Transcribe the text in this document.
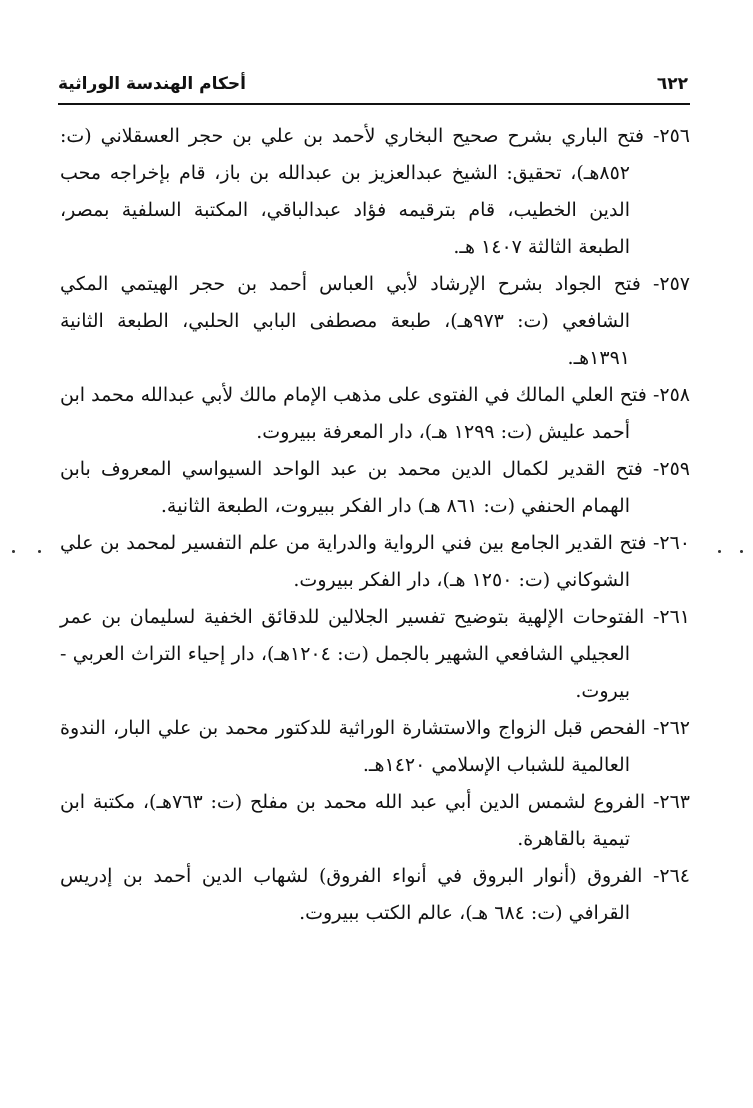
٦٢٢
أحكام الهندسة الوراثية

٢٥٦- فتح الباري بشرح صحيح البخاري لأحمد بن علي بن حجر العسقلاني (ت: ٨٥٢هـ)، تحقيق: الشيخ عبدالعزيز بن عبدالله بن باز، قام بإخراجه محب الدين الخطيب، قام بترقيمه فؤاد عبدالباقي، المكتبة السلفية بمصر، الطبعة الثالثة ١٤٠٧ هـ.

٢٥٧- فتح الجواد بشرح الإرشاد لأبي العباس أحمد بن حجر الهيتمي المكي الشافعي (ت: ٩٧٣هـ)، طبعة مصطفى البابي الحلبي، الطبعة الثانية ١٣٩١هـ.

٢٥٨- فتح العلي المالك في الفتوى على مذهب الإمام مالك لأبي عبدالله محمد ابن أحمد عليش (ت: ١٢٩٩ هـ)، دار المعرفة ببيروت.

٢٥٩- فتح القدير لكمال الدين محمد بن عبد الواحد السيواسي المعروف بابن الهمام الحنفي (ت: ٨٦١ هـ) دار الفكر ببيروت، الطبعة الثانية.

٢٦٠- فتح القدير الجامع بين فني الرواية والدراية من علم التفسير لمحمد بن علي الشوكاني (ت: ١٢٥٠ هـ)، دار الفكر ببيروت.

٢٦١- الفتوحات الإلهية بتوضيح تفسير الجلالين للدقائق الخفية لسليمان بن عمر العجيلي الشافعي الشهير بالجمل (ت: ١٢٠٤هـ)، دار إحياء التراث العربي - بيروت.

٢٦٢- الفحص قبل الزواج والاستشارة الوراثية للدكتور محمد بن علي البار، الندوة العالمية للشباب الإسلامي ١٤٢٠هـ.

٢٦٣- الفروع لشمس الدين أبي عبد الله محمد بن مفلح (ت: ٧٦٣هـ)، مكتبة ابن تيمية بالقاهرة.

٢٦٤- الفروق (أنوار البروق في أنواء الفروق) لشهاب الدين أحمد بن إدريس القرافي (ت: ٦٨٤ هـ)، عالم الكتب ببيروت.
